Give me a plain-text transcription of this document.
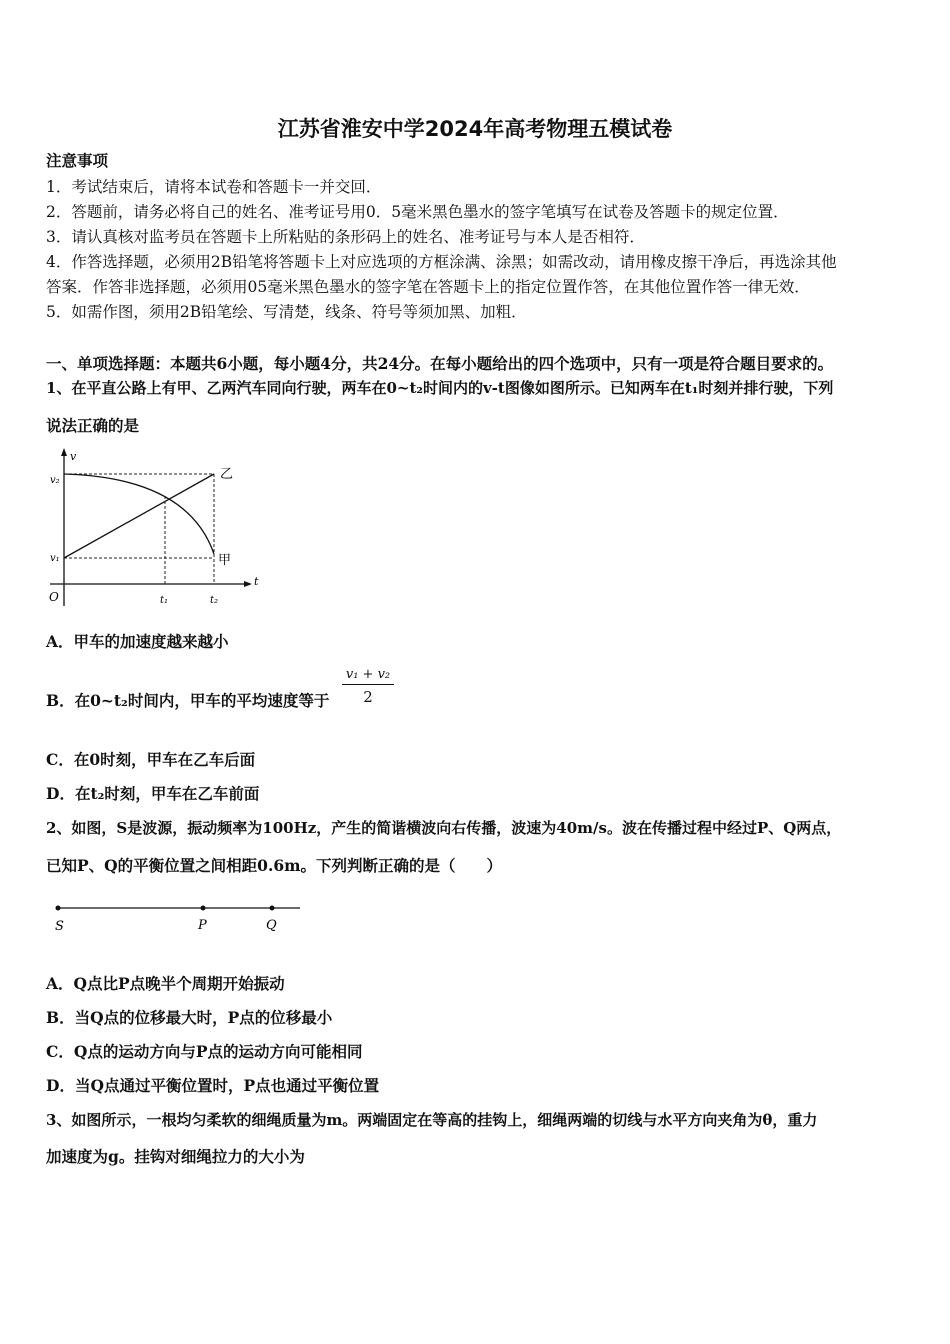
江苏省淮安中学2024年高考物理五模试卷
注意事项
1．考试结束后，请将本试卷和答题卡一并交回．
2．答题前，请务必将自己的姓名、准考证号用0．5毫米黑色墨水的签字笔填写在试卷及答题卡的规定位置．
3．请认真核对监考员在答题卡上所粘贴的条形码上的姓名、准考证号与本人是否相符．
4．作答选择题，必须用2B铅笔将答题卡上对应选项的方框涂满、涂黑；如需改动，请用橡皮擦干净后，再选涂其他
答案．作答非选择题，必须用05毫米黑色墨水的签字笔在答题卡上的指定位置作答，在其他位置作答一律无效．
5．如需作图，须用2B铅笔绘、写清楚，线条、符号等须加黑、加粗．
一、单项选择题：本题共6小题，每小题4分，共24分。在每小题给出的四个选项中，只有一项是符合题目要求的。
1、在平直公路上有甲、乙两汽车同向行驶，两车在0~t₂时间内的v-t图像如图所示。已知两车在t₁时刻并排行驶，下列
说法正确的是
v
t
O
v₂
v₁
t₁	t₂
乙
甲
A．甲车的加速度越来越小
B．在0~t₂时间内，甲车的平均速度等于 $\frac{\text{v₁ + v₂}}{2}$
C．在0时刻，甲车在乙车后面
D．在t₂时刻，甲车在乙车前面
2、如图，S是波源，振动频率为100Hz，产生的简谐横波向右传播，波速为40m/s。波在传播过程中经过P、Q两点，
已知P、Q的平衡位置之间相距0.6m。下列判断正确的是（　　）
S	P	Q
A．Q点比P点晚半个周期开始振动
B．当Q点的位移最大时，P点的位移最小
C．Q点的运动方向与P点的运动方向可能相同
D．当Q点通过平衡位置时，P点也通过平衡位置
3、如图所示，一根均匀柔软的细绳质量为m。两端固定在等高的挂钩上，细绳两端的切线与水平方向夹角为θ，重力
加速度为g。挂钩对细绳拉力的大小为
